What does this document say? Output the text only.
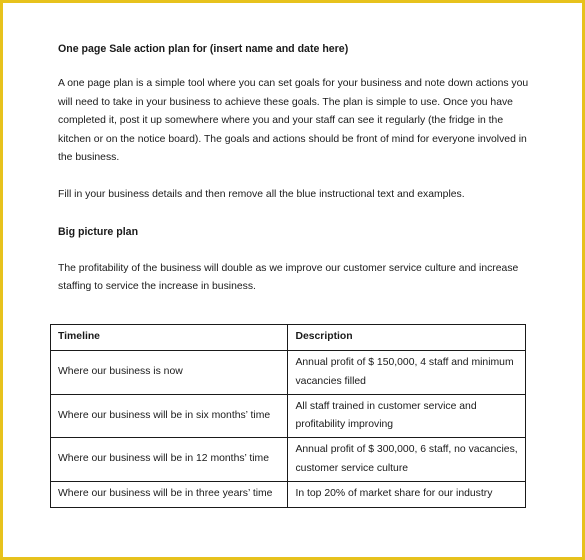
One page Sale action plan for (insert name and date here)
A one page plan is a simple tool where you can set goals for your business and note down actions you will need to take in your business to achieve these goals. The plan is simple to use. Once you have completed it, post it up somewhere where you and your staff can see it regularly (the fridge in the kitchen or on the notice board). The goals and actions should be front of mind for everyone involved in the business.
Fill in your business details and then remove all the blue instructional text and examples.
Big picture plan
The profitability of the business will double as we improve our customer service culture and increase staffing to service the increase in business.
Timeline	Description
Where our business is now	Annual profit of $ 150,000, 4 staff and minimum vacancies filled
Where our business will be in six months’ time	All staff trained in customer service and profitability improving
Where our business will be in 12 months’ time	Annual profit of $ 300,000, 6 staff, no vacancies, customer service culture
Where our business will be in three years’ time	In top 20% of market share for our industry
